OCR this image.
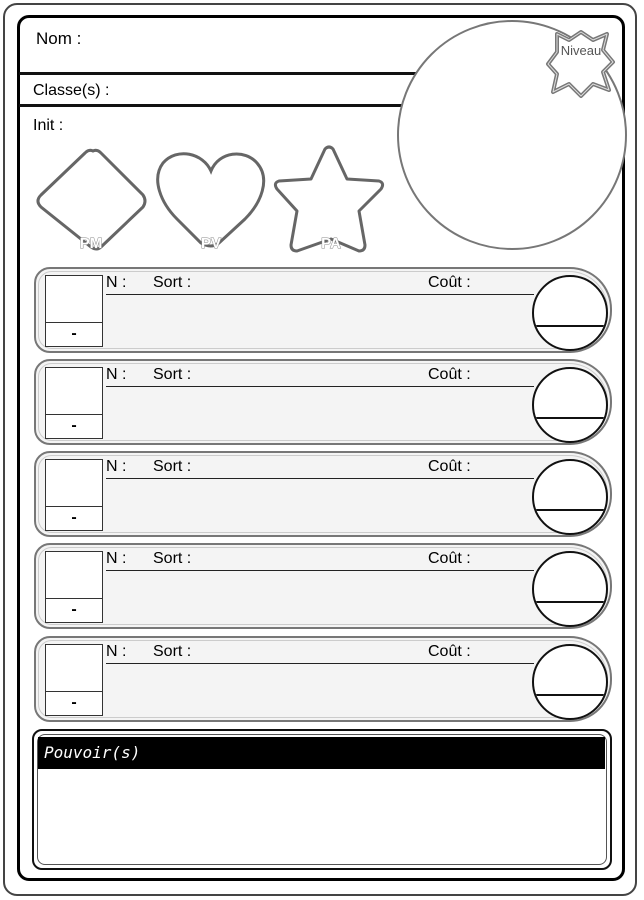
Nom :
Classe(s) :
Init :
Niveau
PM	PV	PA
-
N : Sort :	Coût :
-
N : Sort :	Coût :
-
N : Sort :	Coût :
-
N : Sort :	Coût :
-
N : Sort :	Coût :
Pouvoir(s)
